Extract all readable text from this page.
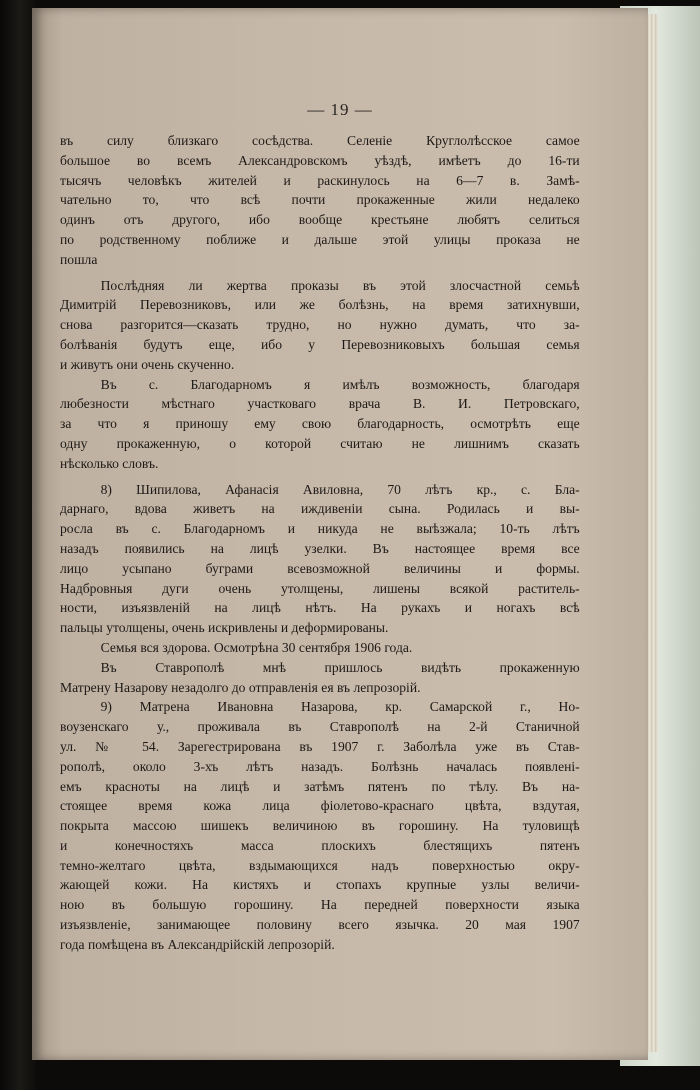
— 19 —
въ силу близкаго сосѣдства. Селеніе Круглолѣсское самое
большое во всемъ Александровскомъ уѣздѣ, имѣетъ до 16-ти
тысячъ человѣкъ жителей и раскинулось на 6—7 в. Замѣ-
чательно то, что всѣ почти прокаженные жили недалеко
одинъ отъ другого, ибо вообще крестьяне любятъ селиться
по родственному поближе и дальше этой улицы проказа не
пошла
Послѣдняя ли жертва проказы въ этой злосчастной семьѣ
Димитрій Перевозниковъ, или же болѣзнь, на время затихнувши,
снова разгорится—сказать трудно, но нужно думать, что за-
болѣванія будутъ еще, ибо у Перевозниковыхъ большая семья
и живутъ они очень скученно.
Въ с. Благодарномъ я имѣлъ возможность, благодаря
любезности мѣстнаго участковаго врача В. И. Петровскаго,
за что я приношу ему свою благодарность, осмотрѣть еще
одну прокаженную, о которой считаю не лишнимъ сказать
нѣсколько словъ.
8) Шипилова, Афанасія Авиловна, 70 лѣтъ кр., с. Бла-
дарнаго, вдова живетъ на иждивеніи сына. Родилась и вы-
росла въ с. Благодарномъ и никуда не выѣзжала; 10-ть лѣтъ
назадъ появились на лицѣ узелки. Въ настоящее время все
лицо усыпано буграми всевозможной величины и формы.
Надбровныя дуги очень утолщены, лишены всякой раститель-
ности, изъязвленій на лицѣ нѣтъ. На рукахъ и ногахъ всѣ
пальцы утолщены, очень искривлены и деформированы.
Семья вся здорова. Осмотрѣна 30 сентября 1906 года.
Въ Ставрополѣ мнѣ пришлось видѣть прокаженную
Матрену Назарову незадолго до отправленія ея въ лепрозорій.
9) Матрена Ивановна Назарова, кр. Самарской г., Но-
воузенскаго у., проживала въ Ставрополѣ на 2-й Станичной
ул. № 54. Зарегестрирована въ 1907 г. Заболѣла уже въ Став-
рополѣ, около 3-хъ лѣтъ назадъ. Болѣзнь началась появлені-
емъ красноты на лицѣ и затѣмъ пятенъ по тѣлу. Въ на-
стоящее время кожа лица фіолетово-краснаго цвѣта, вздутая,
покрыта массою шишекъ величиною въ горошину. На туловищѣ
и конечностяхъ масса плоскихъ блестящихъ пятенъ
темно-желтаго цвѣта, вздымающихся надъ поверхностью окру-
жающей кожи. На кистяхъ и стопахъ крупные узлы величи-
ною въ большую горошину. На передней поверхности языка
изъязвленіе, занимающее половину всего язычка. 20 мая 1907
года помѣщена въ Александрійскій лепрозорій.
